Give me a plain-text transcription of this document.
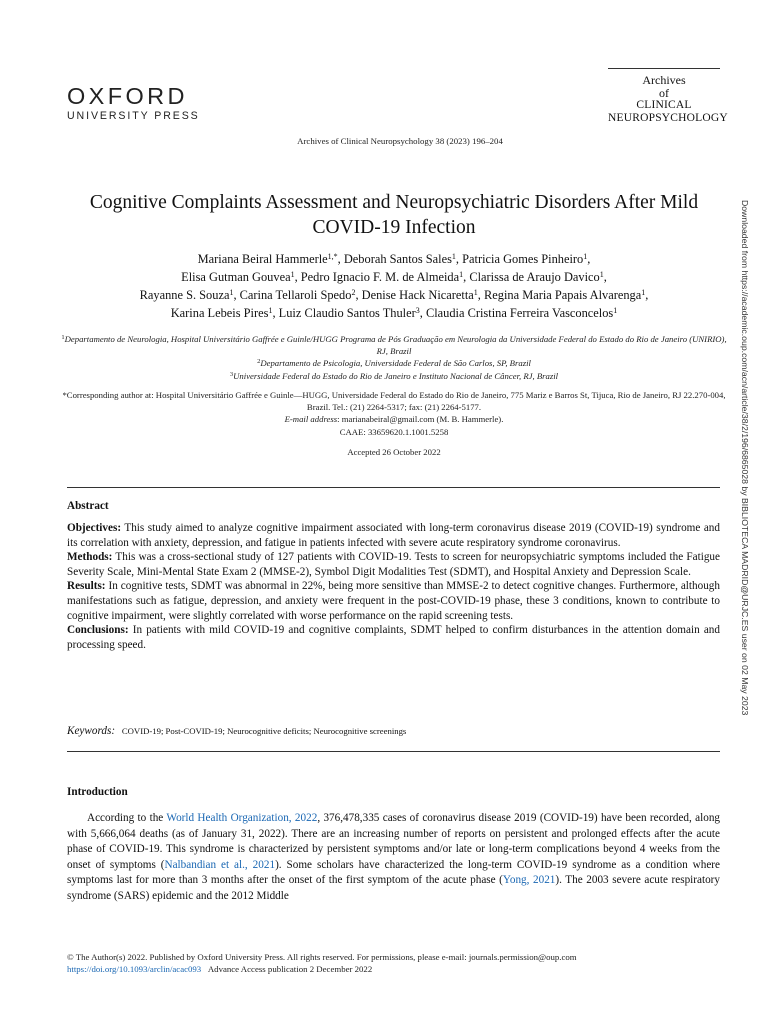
OXFORD
UNIVERSITY PRESS
Archives
of
CLINICAL
NEUROPSYCHOLOGY
Archives of Clinical Neuropsychology 38 (2023) 196–204
Cognitive Complaints Assessment and Neuropsychiatric Disorders After Mild COVID-19 Infection
Mariana Beiral Hammerle$^{1,*}$, Deborah Santos Sales$^1$, Patricia Gomes Pinheiro$^1$,
Elisa Gutman Gouvea$^1$, Pedro Ignacio F. M. de Almeida$^1$, Clarissa de Araujo Davico$^1$,
Rayanne S. Souza$^1$, Carina Tellaroli Spedo$^2$, Denise Hack Nicaretta$^1$, Regina Maria Papais Alvarenga$^1$,
Karina Lebeis Pires$^1$, Luiz Claudio Santos Thuler$^3$, Claudia Cristina Ferreira Vasconcelos$^1$
$^1$Departamento de Neurologia, Hospital Universitário Gaffrée e Guinle/HUGG Programa de Pós Graduação em Neurologia da Universidade Federal do Estado do Rio de Janeiro (UNIRIO), RJ, Brazil
$^2$Departamento de Psicologia, Universidade Federal de São Carlos, SP, Brazil
$^3$Universidade Federal do Estado do Rio de Janeiro e Instituto Nacional de Câncer, RJ, Brazil
*Corresponding author at: Hospital Universitário Gaffrée e Guinle—HUGG, Universidade Federal do Estado do Rio de Janeiro, 775 Mariz e Barros St, Tijuca, Rio de Janeiro, RJ 22.270-004, Brazil. Tel.: (21) 2264-5317; fax: (21) 2264-5177.
E-mail address: marianabeiral@gmail.com (M. B. Hammerle).
CAAE: 33659620.1.1001.5258
Accepted 26 October 2022
Abstract

Objectives: This study aimed to analyze cognitive impairment associated with long-term coronavirus disease 2019 (COVID-19) syndrome and its correlation with anxiety, depression, and fatigue in patients infected with severe acute respiratory syndrome coronavirus.

Methods: This was a cross-sectional study of 127 patients with COVID-19. Tests to screen for neuropsychiatric symptoms included the Fatigue Severity Scale, Mini-Mental State Exam 2 (MMSE-2), Symbol Digit Modalities Test (SDMT), and Hospital Anxiety and Depression Scale.

Results: In cognitive tests, SDMT was abnormal in 22%, being more sensitive than MMSE-2 to detect cognitive changes. Furthermore, although manifestations such as fatigue, depression, and anxiety were frequent in the post-COVID-19 phase, these 3 conditions, known to contribute to cognitive impairment, were slightly correlated with worse performance on the rapid screening tests.

Conclusions: In patients with mild COVID-19 and cognitive complaints, SDMT helped to confirm disturbances in the attention domain and processing speed.

Keywords: COVID-19; Post-COVID-19; Neurocognitive deficits; Neurocognitive screenings
Introduction

According to the World Health Organization, 2022, 376,478,335 cases of coronavirus disease 2019 (COVID-19) have been recorded, along with 5,666,064 deaths (as of January 31, 2022). There are an increasing number of reports on persistent and prolonged effects after the acute phase of COVID-19. This syndrome is characterized by persistent symptoms and/or late or long-term complications beyond 4 weeks from the onset of symptoms (Nalbandian et al., 2021). Some scholars have characterized the long-term COVID-19 syndrome as a condition where symptoms last for more than 3 months after the onset of the first symptom of the acute phase (Yong, 2021). The 2003 severe acute respiratory syndrome (SARS) epidemic and the 2012 Middle

© The Author(s) 2022. Published by Oxford University Press. All rights reserved. For permissions, please e-mail: journals.permission@oup.com
https://doi.org/10.1093/arclin/acac093 Advance Access publication 2 December 2022
Downloaded from https://academic.oup.com/acn/article/38/2/196/6865028 by BIBLIOTECA MADRID@URJC.ES user on 02 May 2023
